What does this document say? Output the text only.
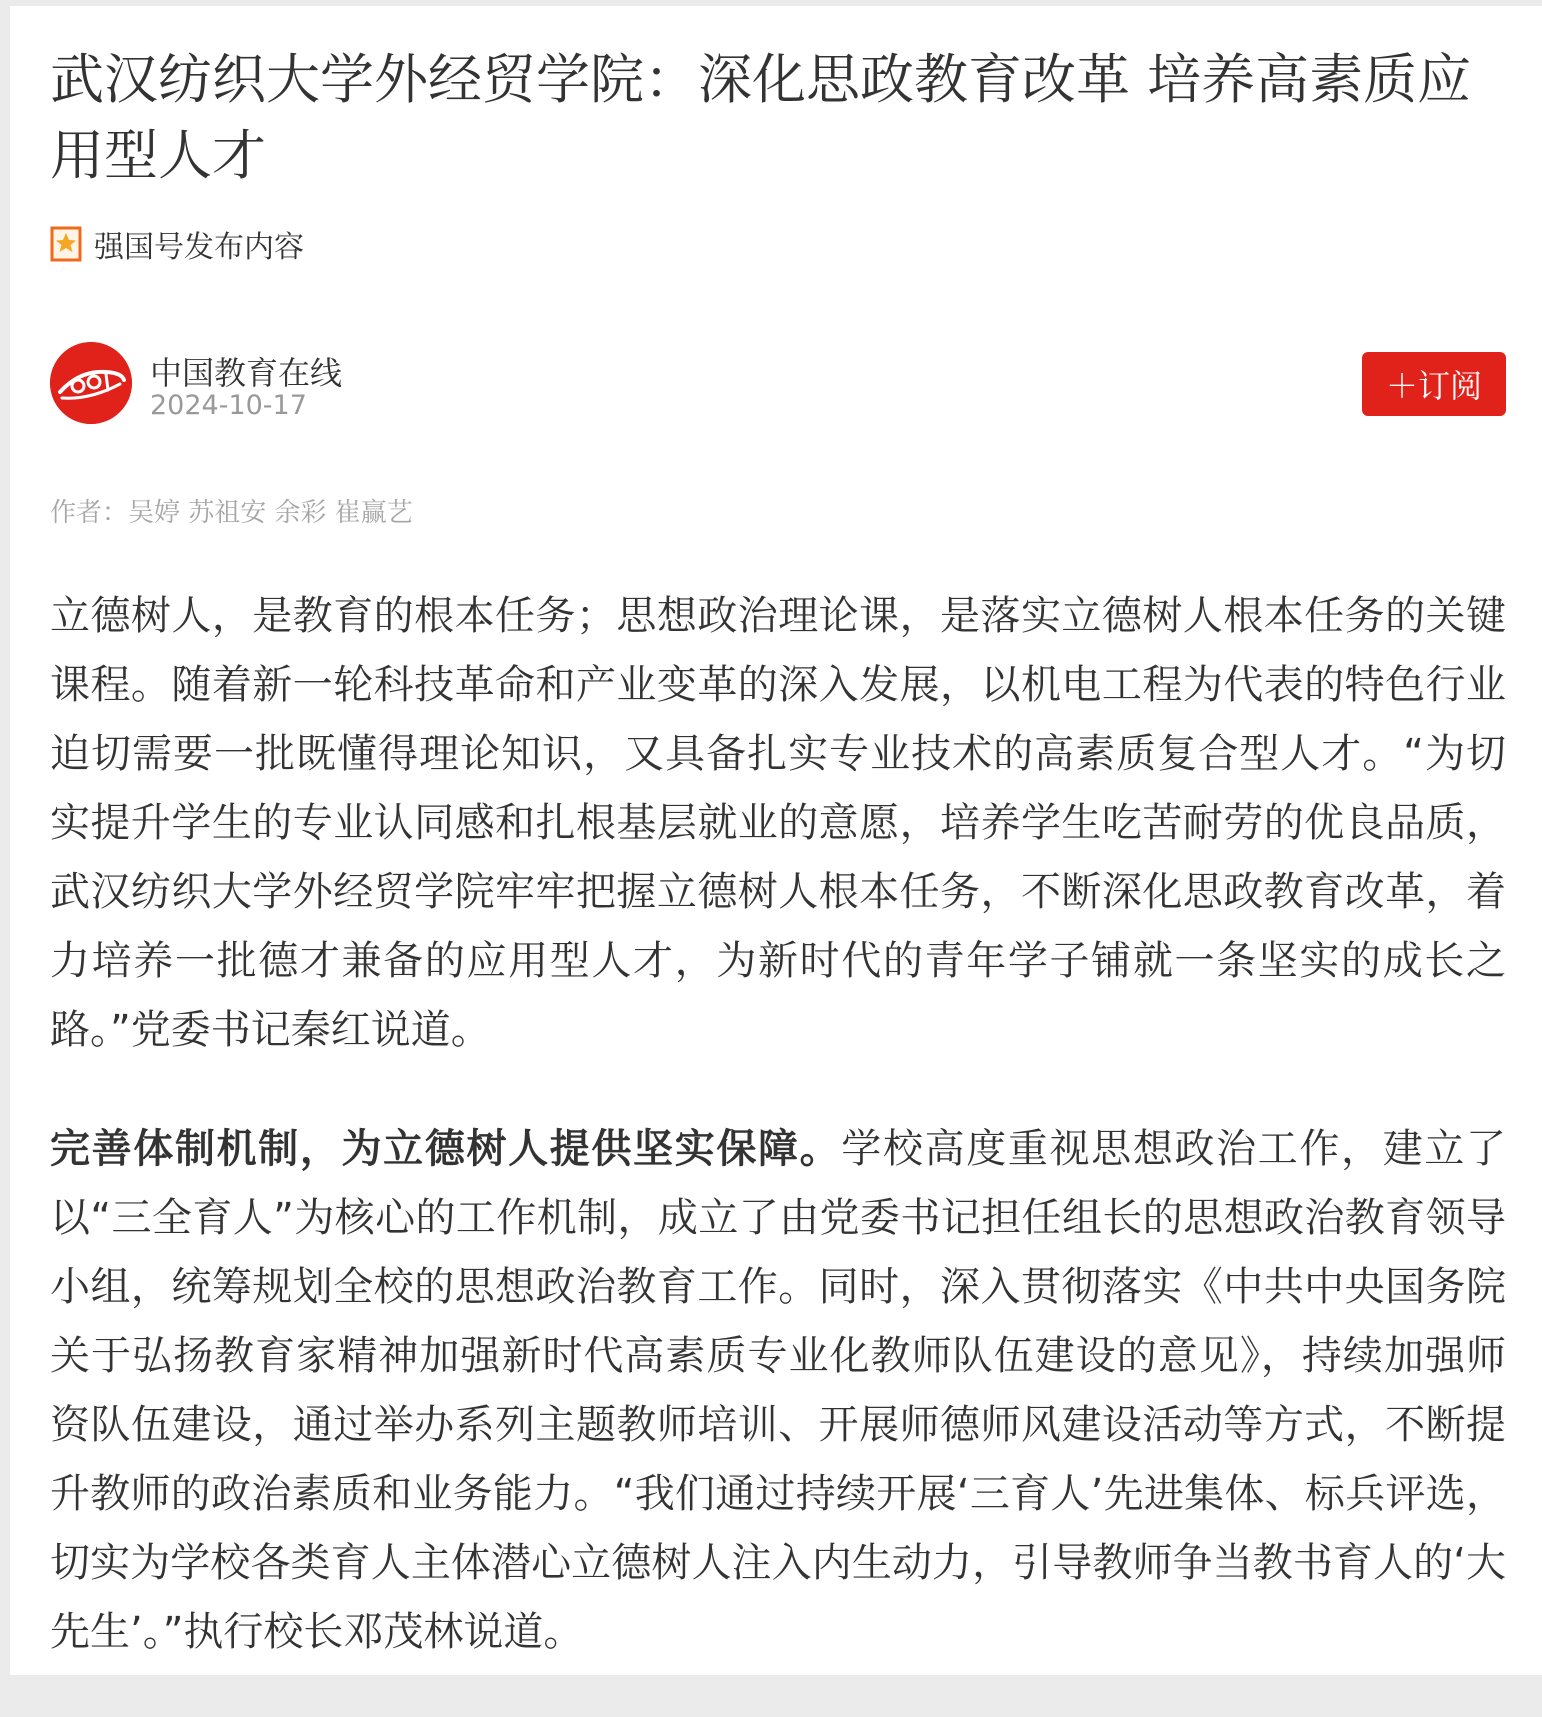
武汉纺织大学外经贸学院：深化思政教育改革 培养高素质应用型人才
强国号发布内容
中国教育在线
2024-10-17
＋订阅
作者：吴婷 苏祖安 余彩 崔赢艺

立德树人，是教育的根本任务；思想政治理论课，是落实立德树人根本任务的关键课程。随着新一轮科技革命和产业变革的深入发展，以机电工程为代表的特色行业迫切需要一批既懂得理论知识，又具备扎实专业技术的高素质复合型人才。“为切实提升学生的专业认同感和扎根基层就业的意愿，培养学生吃苦耐劳的优良品质，武汉纺织大学外经贸学院牢牢把握立德树人根本任务，不断深化思政教育改革，着力培养一批德才兼备的应用型人才，为新时代的青年学子铺就一条坚实的成长之路。”党委书记秦红说道。

完善体制机制，为立德树人提供坚实保障。学校高度重视思想政治工作，建立了以“三全育人”为核心的工作机制，成立了由党委书记担任组长的思想政治教育领导小组，统筹规划全校的思想政治教育工作。同时，深入贯彻落实《中共中央国务院关于弘扬教育家精神加强新时代高素质专业化教师队伍建设的意见》，持续加强师资队伍建设，通过举办系列主题教师培训、开展师德师风建设活动等方式，不断提升教师的政治素质和业务能力。“我们通过持续开展‘三育人’先进集体、标兵评选，切实为学校各类育人主体潜心立德树人注入内生动力，引导教师争当教书育人的‘大先生’。”执行校长邓茂林说道。
